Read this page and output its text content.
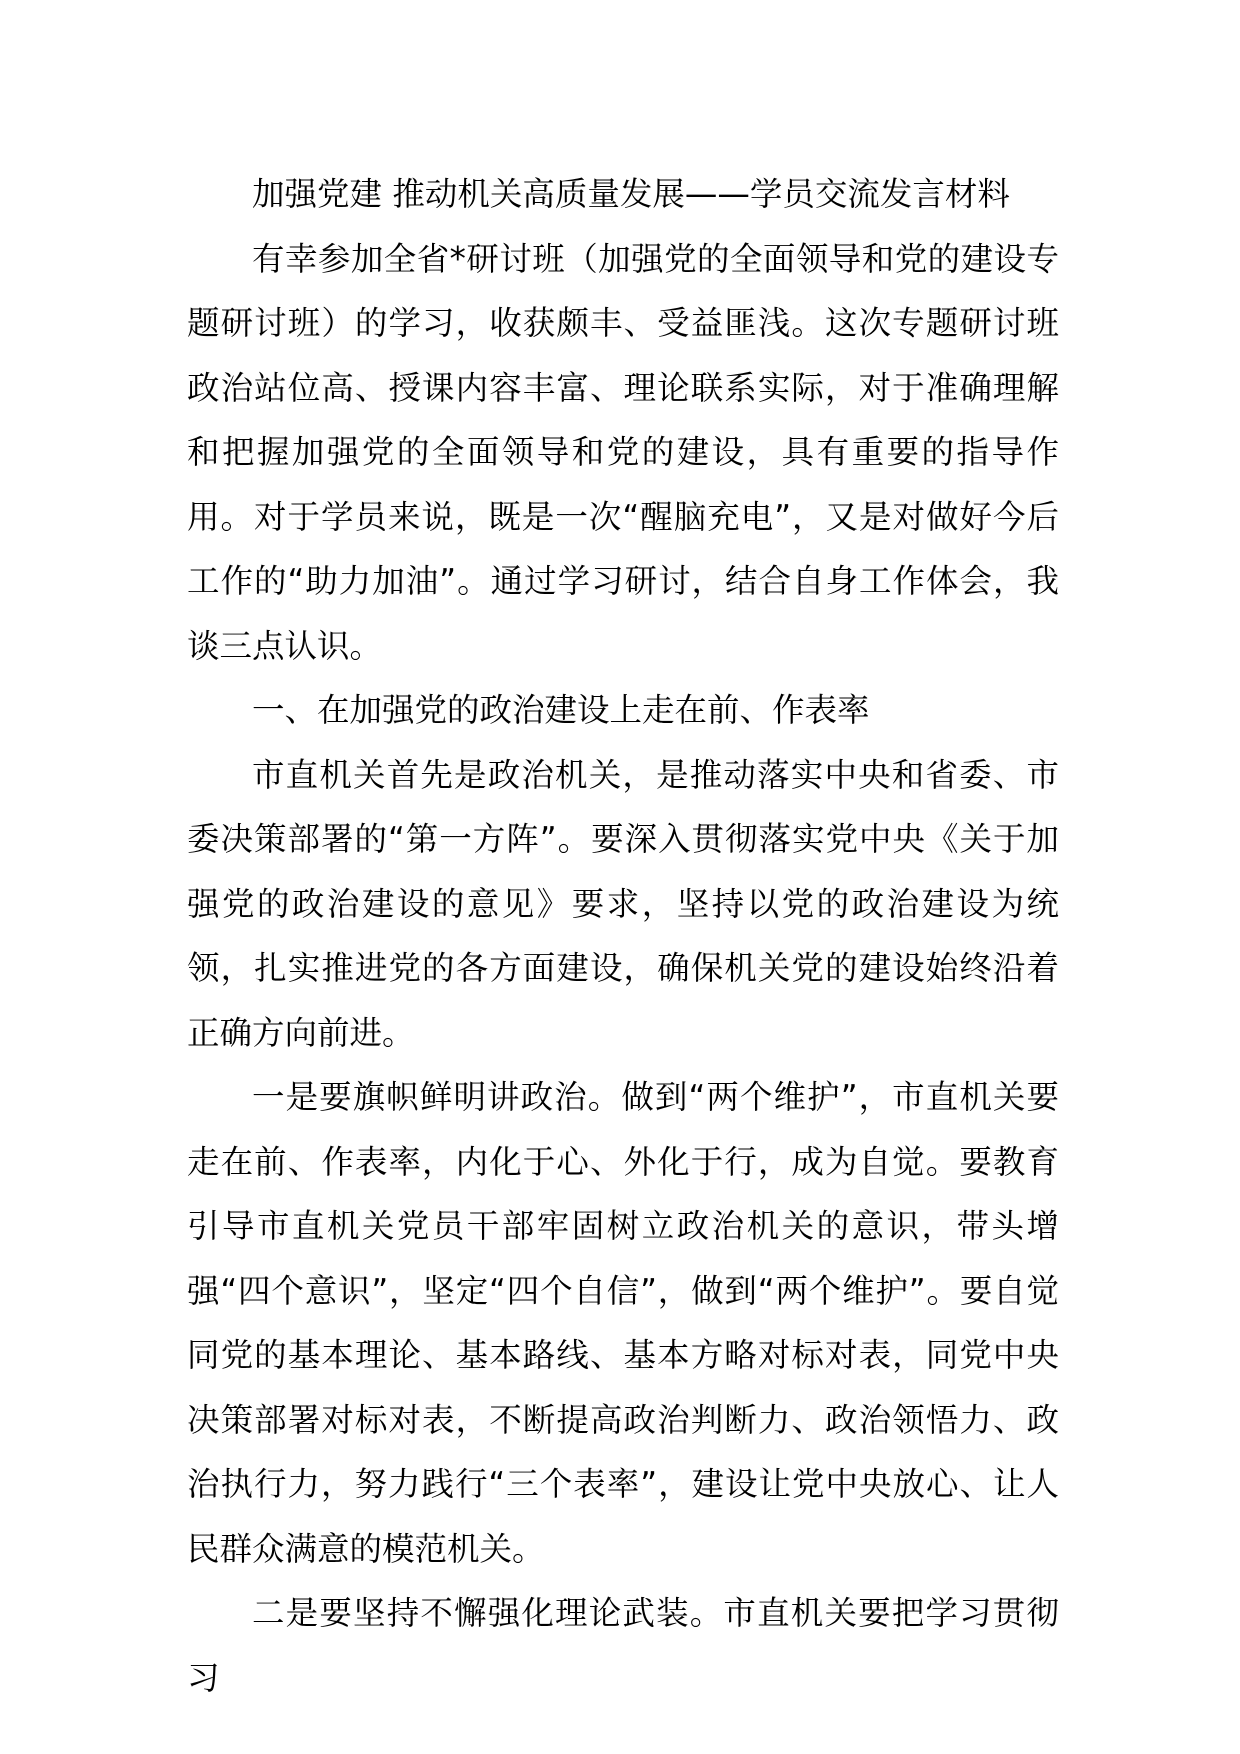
加强党建 推动机关高质量发展——学员交流发言材料

有幸参加全省*研讨班（加强党的全面领导和党的建设专题研讨班）的学习，收获颇丰、受益匪浅。这次专题研讨班政治站位高、授课内容丰富、理论联系实际，对于准确理解和把握加强党的全面领导和党的建设，具有重要的指导作用。对于学员来说，既是一次“醒脑充电”，又是对做好今后工作的“助力加油”。通过学习研讨，结合自身工作体会，我谈三点认识。

一、在加强党的政治建设上走在前、作表率

市直机关首先是政治机关，是推动落实中央和省委、市委决策部署的“第一方阵”。要深入贯彻落实党中央《关于加强党的政治建设的意见》要求，坚持以党的政治建设为统领，扎实推进党的各方面建设，确保机关党的建设始终沿着正确方向前进。

一是要旗帜鲜明讲政治。做到“两个维护”，市直机关要走在前、作表率，内化于心、外化于行，成为自觉。要教育引导市直机关党员干部牢固树立政治机关的意识，带头增强“四个意识”，坚定“四个自信”，做到“两个维护”。要自觉同党的基本理论、基本路线、基本方略对标对表，同党中央决策部署对标对表，不断提高政治判断力、政治领悟力、政治执行力，努力践行“三个表率”，建设让党中央放心、让人民群众满意的模范机关。

二是要坚持不懈强化理论武装。市直机关要把学习贯彻习
